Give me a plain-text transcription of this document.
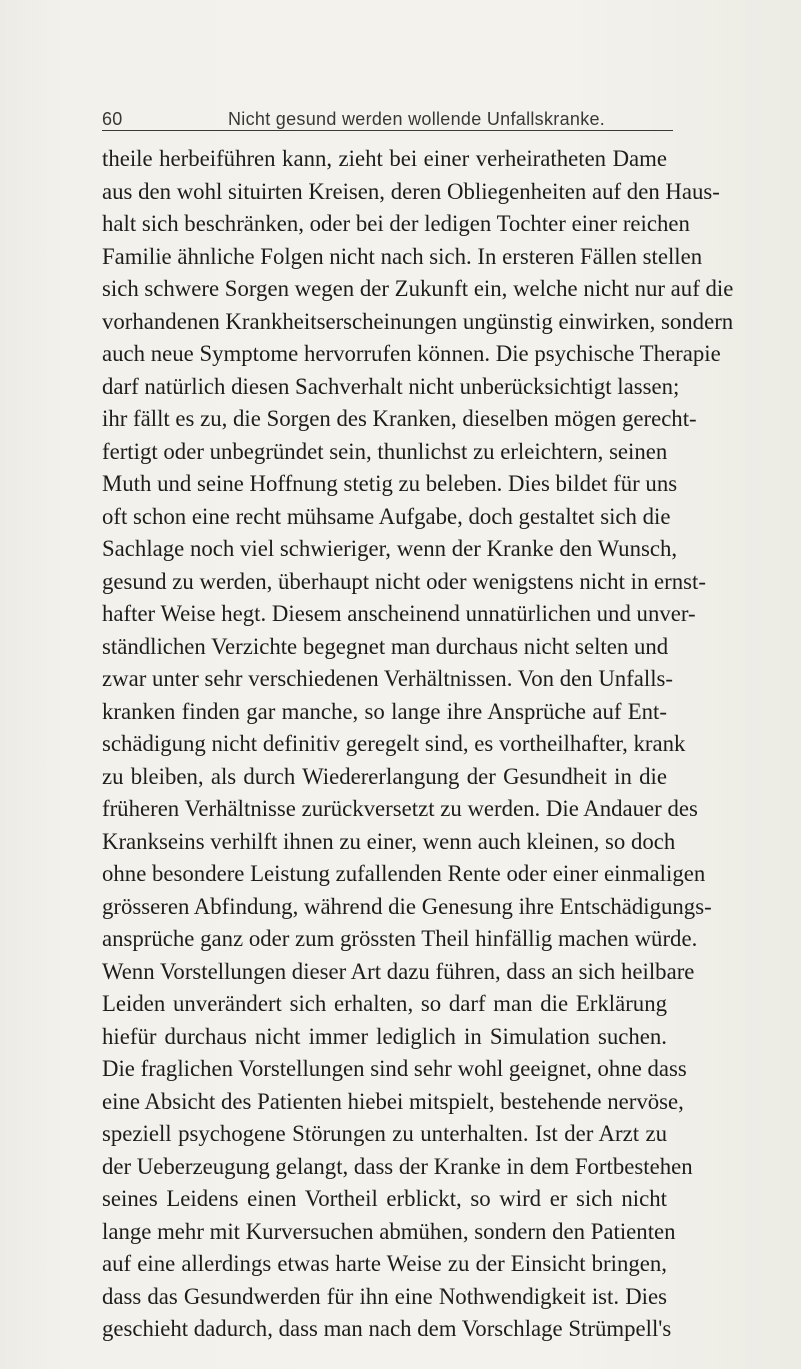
60	Nicht gesund werden wollende Unfallskranke.
theile herbeiführen kann, zieht bei einer verheiratheten Dame
aus den wohl situirten Kreisen, deren Obliegenheiten auf den Haus-
halt sich beschränken, oder bei der ledigen Tochter einer reichen
Familie ähnliche Folgen nicht nach sich. In ersteren Fällen stellen
sich schwere Sorgen wegen der Zukunft ein, welche nicht nur auf die
vorhandenen Krankheitserscheinungen ungünstig einwirken, sondern
auch neue Symptome hervorrufen können. Die psychische Therapie
darf natürlich diesen Sachverhalt nicht unberücksichtigt lassen;
ihr fällt es zu, die Sorgen des Kranken, dieselben mögen gerecht-
fertigt oder unbegründet sein, thunlichst zu erleichtern, seinen
Muth und seine Hoffnung stetig zu beleben. Dies bildet für uns
oft schon eine recht mühsame Aufgabe, doch gestaltet sich die
Sachlage noch viel schwieriger, wenn der Kranke den Wunsch,
gesund zu werden, überhaupt nicht oder wenigstens nicht in ernst-
hafter Weise hegt. Diesem anscheinend unnatürlichen und unver-
ständlichen Verzichte begegnet man durchaus nicht selten und
zwar unter sehr verschiedenen Verhältnissen. Von den Unfalls-
kranken finden gar manche, so lange ihre Ansprüche auf Ent-
schädigung nicht definitiv geregelt sind, es vortheilhafter, krank
zu bleiben, als durch Wiedererlangung der Gesundheit in die
früheren Verhältnisse zurückversetzt zu werden. Die Andauer des
Krankseins verhilft ihnen zu einer, wenn auch kleinen, so doch
ohne besondere Leistung zufallenden Rente oder einer einmaligen
grösseren Abfindung, während die Genesung ihre Entschädigungs-
ansprüche ganz oder zum grössten Theil hinfällig machen würde.
Wenn Vorstellungen dieser Art dazu führen, dass an sich heilbare
Leiden unverändert sich erhalten, so darf man die Erklärung
hiefür durchaus nicht immer lediglich in Simulation suchen.
Die fraglichen Vorstellungen sind sehr wohl geeignet, ohne dass
eine Absicht des Patienten hiebei mitspielt, bestehende nervöse,
speziell psychogene Störungen zu unterhalten. Ist der Arzt zu
der Ueberzeugung gelangt, dass der Kranke in dem Fortbestehen
seines Leidens einen Vortheil erblickt, so wird er sich nicht
lange mehr mit Kurversuchen abmühen, sondern den Patienten
auf eine allerdings etwas harte Weise zu der Einsicht bringen,
dass das Gesundwerden für ihn eine Nothwendigkeit ist. Dies
geschieht dadurch, dass man nach dem Vorschlage Strümpell's
